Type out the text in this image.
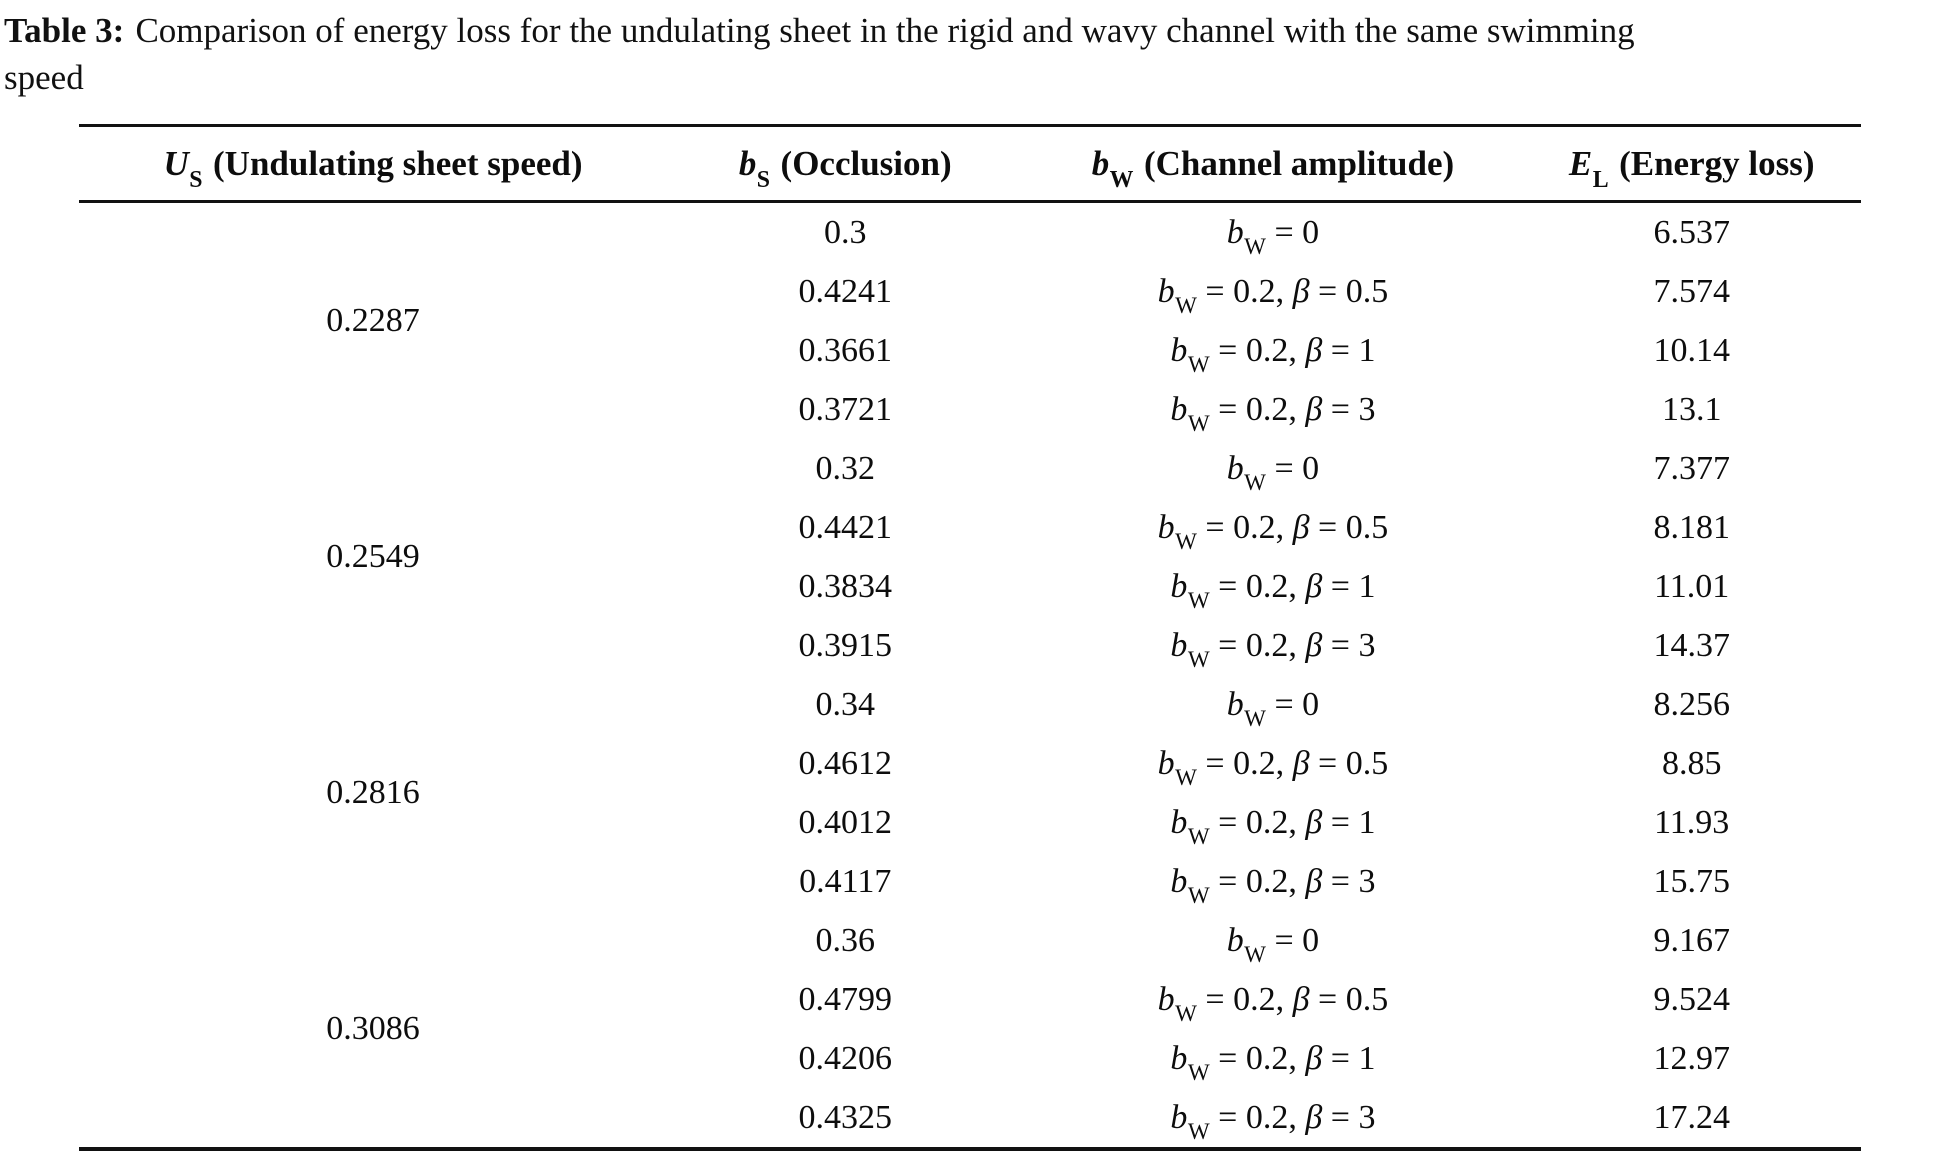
Table 3: Comparison of energy loss for the undulating sheet in the rigid and wavy channel with the same swimming
speed
$U_S$ (Undulating sheet speed)	$b_S$ (Occlusion)	$b_W$ (Channel amplitude)	$E_L$ (Energy loss)
0.2287	0.3	$b_W = 0$	6.537
	0.4241	$b_W = 0.2$, β = 0.5	7.574
	0.3661	$b_W = 0.2$, β = 1	10.14
	0.3721	$b_W = 0.2$, β = 3	13.1
0.2549	0.32	$b_W = 0$	7.377
	0.4421	$b_W = 0.2$, β = 0.5	8.181
	0.3834	$b_W = 0.2$, β = 1	11.01
	0.3915	$b_W = 0.2$, β = 3	14.37
0.2816	0.34	$b_W = 0$	8.256
	0.4612	$b_W = 0.2$, β = 0.5	8.85
	0.4012	$b_W = 0.2$, β = 1	11.93
	0.4117	$b_W = 0.2$, β = 3	15.75
0.3086	0.36	$b_W = 0$	9.167
	0.4799	$b_W = 0.2$, β = 0.5	9.524
	0.4206	$b_W = 0.2$, β = 1	12.97
	0.4325	$b_W = 0.2$, β = 3	17.24
